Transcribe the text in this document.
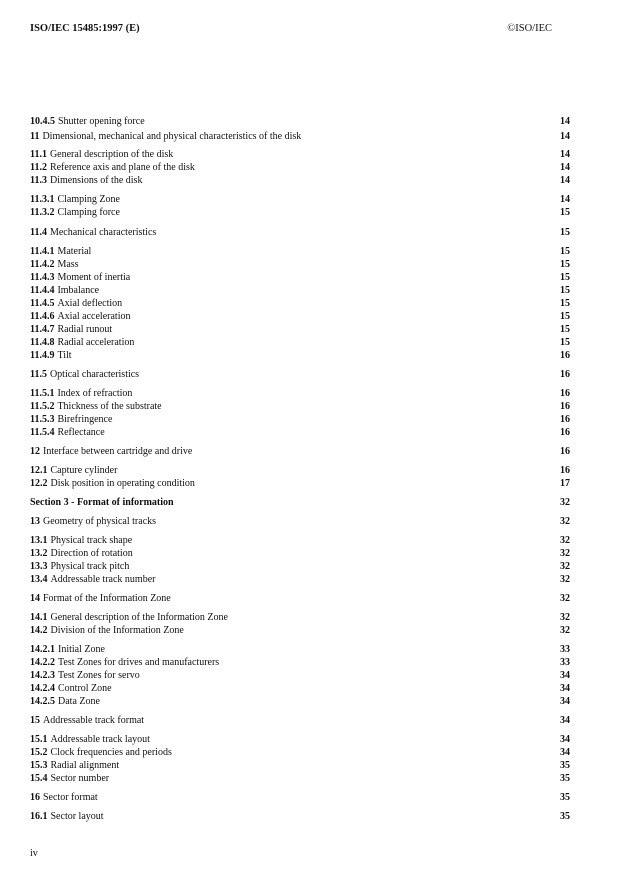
ISO/IEC 15485:1997 (E)	©ISO/IEC
10.4.5 Shutter opening force	14
11 Dimensional, mechanical and physical characteristics of the disk	14
11.1 General description of the disk	14
11.2 Reference axis and plane of the disk	14
11.3 Dimensions of the disk	14
11.3.1 Clamping Zone	14
11.3.2 Clamping force	15
11.4 Mechanical characteristics	15
11.4.1 Material	15
11.4.2 Mass	15
11.4.3 Moment of inertia	15
11.4.4 Imbalance	15
11.4.5 Axial deflection	15
11.4.6 Axial acceleration	15
11.4.7 Radial runout	15
11.4.8 Radial acceleration	15
11.4.9 Tilt	16
11.5 Optical characteristics	16
11.5.1 Index of refraction	16
11.5.2 Thickness of the substrate	16
11.5.3 Birefringence	16
11.5.4 Reflectance	16
12 Interface between cartridge and drive	16
12.1 Capture cylinder	16
12.2 Disk position in operating condition	17
Section 3 - Format of information	32
13 Geometry of physical tracks	32
13.1 Physical track shape	32
13.2 Direction of rotation	32
13.3 Physical track pitch	32
13.4 Addressable track number	32
14 Format of the Information Zone	32
14.1 General description of the Information Zone	32
14.2 Division of the Information Zone	32
14.2.1 Initial Zone	33
14.2.2 Test Zones for drives and manufacturers	33
14.2.3 Test Zones for servo	34
14.2.4 Control Zone	34
14.2.5 Data Zone	34
15 Addressable track format	34
15.1 Addressable track layout	34
15.2 Clock frequencies and periods	34
15.3 Radial alignment	35
15.4 Sector number	35
16 Sector format	35
16.1 Sector layout	35
iv
